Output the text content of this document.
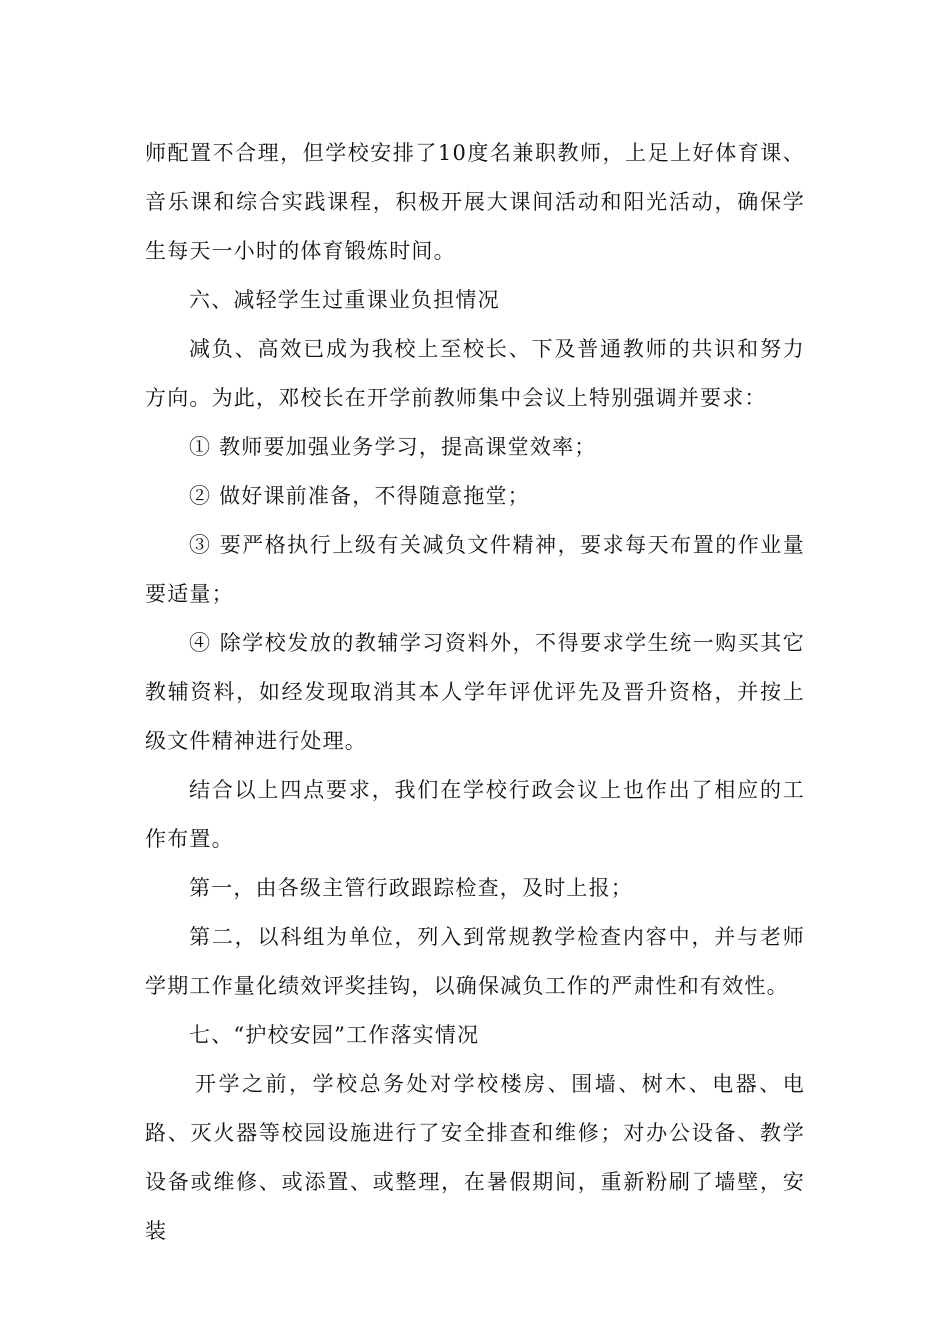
师配置不合理，但学校安排了10度名兼职教师，上足上好体育课、音乐课和综合实践课程，积极开展大课间活动和阳光活动，确保学生每天一小时的体育锻炼时间。

六、减轻学生过重课业负担情况

减负、高效已成为我校上至校长、下及普通教师的共识和努力方向。为此，邓校长在开学前教师集中会议上特别强调并要求：

① 教师要加强业务学习，提高课堂效率；

② 做好课前准备，不得随意拖堂；

③ 要严格执行上级有关减负文件精神，要求每天布置的作业量要适量；

④ 除学校发放的教辅学习资料外，不得要求学生统一购买其它教辅资料，如经发现取消其本人学年评优评先及晋升资格，并按上级文件精神进行处理。

结合以上四点要求，我们在学校行政会议上也作出了相应的工作布置。

第一，由各级主管行政跟踪检查，及时上报；

第二，以科组为单位，列入到常规教学检查内容中，并与老师学期工作量化绩效评奖挂钩，以确保减负工作的严肃性和有效性。

七、“护校安园”工作落实情况

开学之前，学校总务处对学校楼房、围墙、树木、电器、电路、灭火器等校园设施进行了安全排查和维修；对办公设备、教学设备或维修、或添置、或整理，在暑假期间，重新粉刷了墙壁，安装
